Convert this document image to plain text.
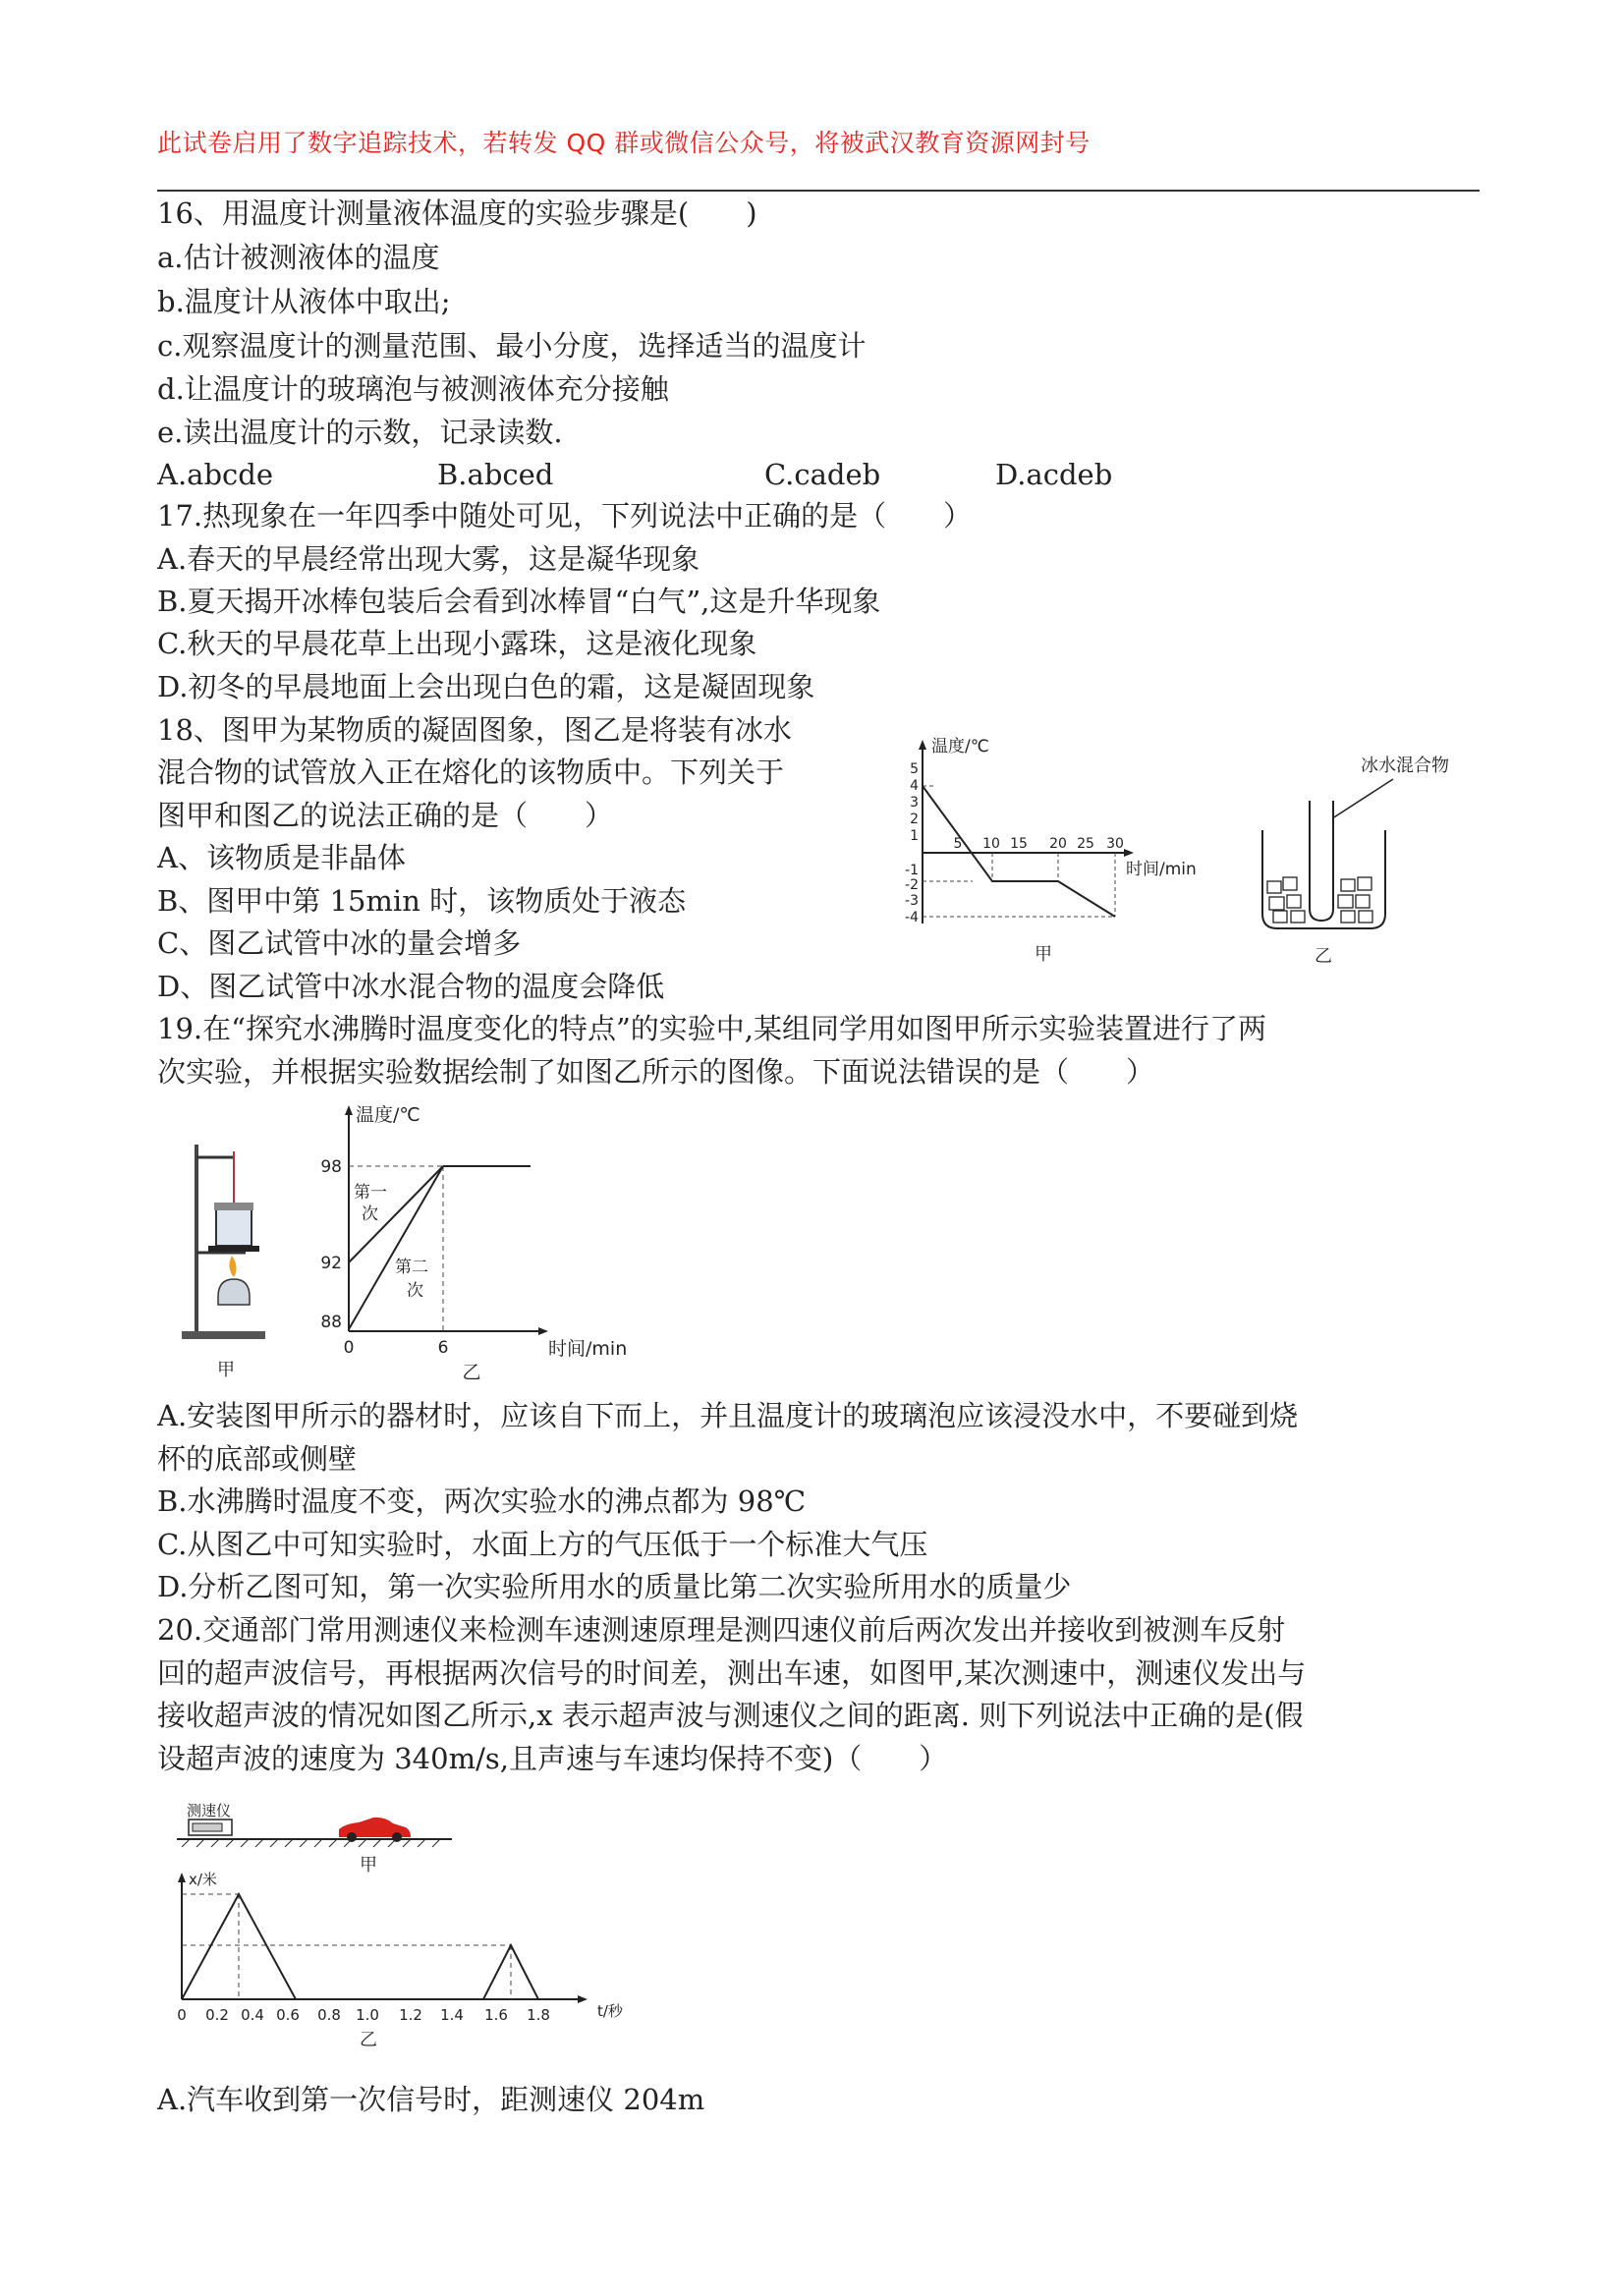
此试卷启用了数字追踪技术，若转发 QQ 群或微信公众号，将被武汉教育资源网封号
16、用温度计测量液体温度的实验步骤是(　　)
a.估计被测液体的温度
b.温度计从液体中取出;
c.观察温度计的测量范围、最小分度，选择适当的温度计
d.让温度计的玻璃泡与被测液体充分接触
e.读出温度计的示数，记录读数.
A.abcde	B.abced	C.cadeb	D.acdeb
17.热现象在一年四季中随处可见，下列说法中正确的是（　　）
A.春天的早晨经常出现大雾，这是凝华现象
B.夏天揭开冰棒包装后会看到冰棒冒“白气”,这是升华现象
C.秋天的早晨花草上出现小露珠，这是液化现象
D.初冬的早晨地面上会出现白色的霜，这是凝固现象
18、图甲为某物质的凝固图象，图乙是将装有冰水
混合物的试管放入正在熔化的该物质中。下列关于
图甲和图乙的说法正确的是（　　）
A、该物质是非晶体
B、图甲中第 15min 时，该物质处于液态
C、图乙试管中冰的量会增多
D、图乙试管中冰水混合物的温度会降低
温度/℃
时间/min
5
4
3
2
1
-1
-2
-3
-4
5 10 15 20 25 30
甲
冰水混合物
乙
19.在“探究水沸腾时温度变化的特点”的实验中,某组同学用如图甲所示实验装置进行了两
次实验，并根据实验数据绘制了如图乙所示的图像。下面说法错误的是（　　）
甲
温度/℃
时间/min
98
92
88
0	6
第一
次
第二
次
乙
A.安装图甲所示的器材时，应该自下而上，并且温度计的玻璃泡应该浸没水中，不要碰到烧
杯的底部或侧壁
B.水沸腾时温度不变，两次实验水的沸点都为 98℃
C.从图乙中可知实验时，水面上方的气压低于一个标准大气压
D.分析乙图可知，第一次实验所用水的质量比第二次实验所用水的质量少
20.交通部门常用测速仪来检测车速测速原理是测四速仪前后两次发出并接收到被测车反射
回的超声波信号，再根据两次信号的时间差，测出车速，如图甲,某次测速中，测速仪发出与
接收超声波的情况如图乙所示,x 表示超声波与测速仪之间的距离. 则下列说法中正确的是(假
设超声波的速度为 340m/s,且声速与车速均保持不变)（　　）
测速仪
甲
x/米
t/秒
0 0.2 0.4 0.6 0.8 1.0 1.2 1.4 1.6 1.8
乙
A.汽车收到第一次信号时，距测速仪 204m
